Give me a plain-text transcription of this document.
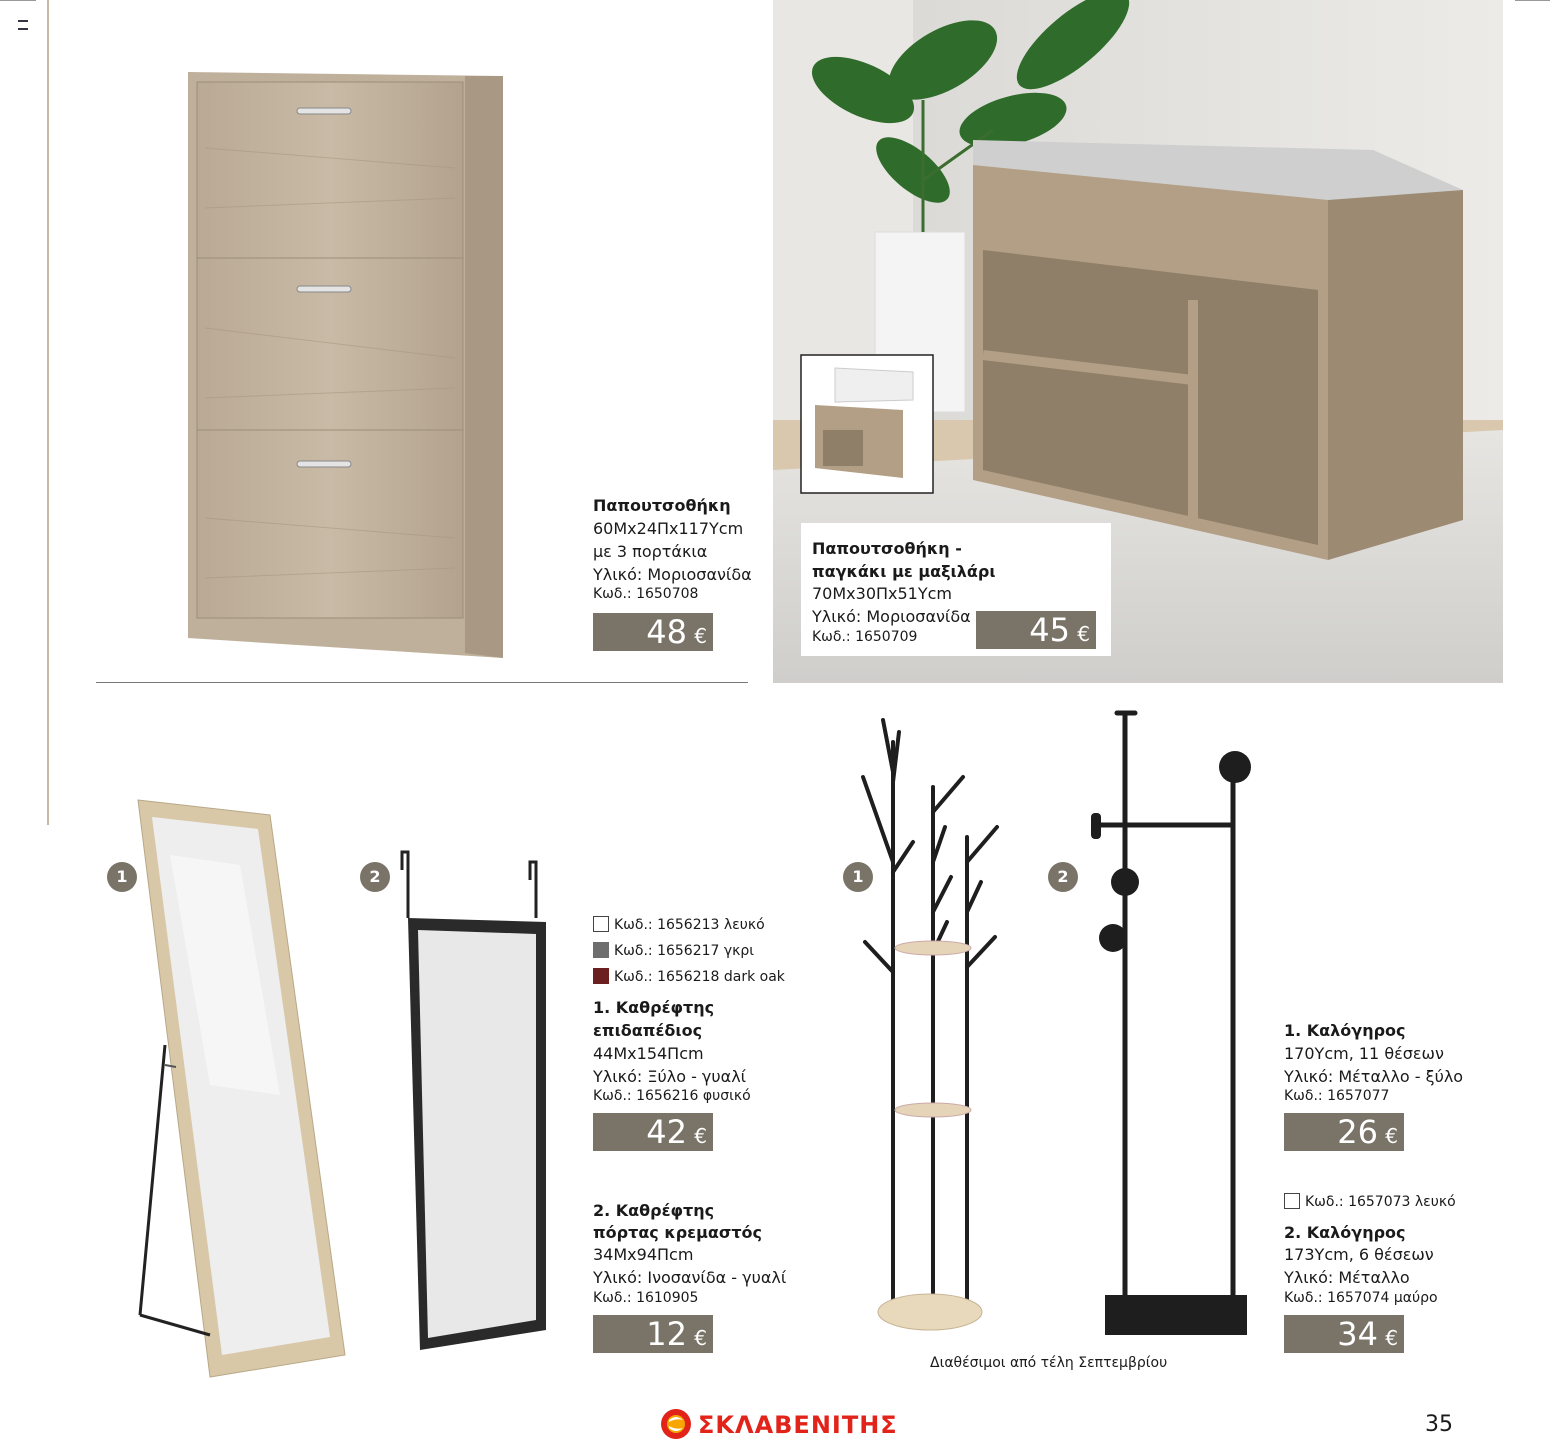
Παπουτσοθήκη
60Μx24Πx117Υcm
με 3 πορτάκια
Υλικό: Μοριοσανίδα
Κωδ.: 1650708
48 €
Παπουτσοθήκη -
παγκάκι με μαξιλάρι
70Μx30Πx51Υcm
Υλικό: Μοριοσανίδα
Κωδ.: 1650709	45 €
1	2
Κωδ.: 1656213 λευκό
Κωδ.: 1656217 γκρι
Κωδ.: 1656218 dark oak
1. Καθρέφτης
επιδαπέδιος
44Μx154Πcm
Υλικό: Ξύλο - γυαλί
Κωδ.: 1656216 φυσικό
42 €
2. Καθρέφτης
πόρτας κρεμαστός
34Μx94Πcm
Υλικό: Ινοσανίδα - γυαλί
Κωδ.: 1610905
12 €
1	2
Διαθέσιμοι από τέλη Σεπτεμβρίου
1. Καλόγηρος
170Υcm, 11 θέσεων
Υλικό: Μέταλλο - ξύλο
Κωδ.: 1657077
26 €
Κωδ.: 1657073 λευκό
2. Καλόγηρος
173Υcm, 6 θέσεων
Υλικό: Μέταλλο
Κωδ.: 1657074 μαύρο
34 €
ΣΚΛΑΒΕΝΙΤΗΣ	35
